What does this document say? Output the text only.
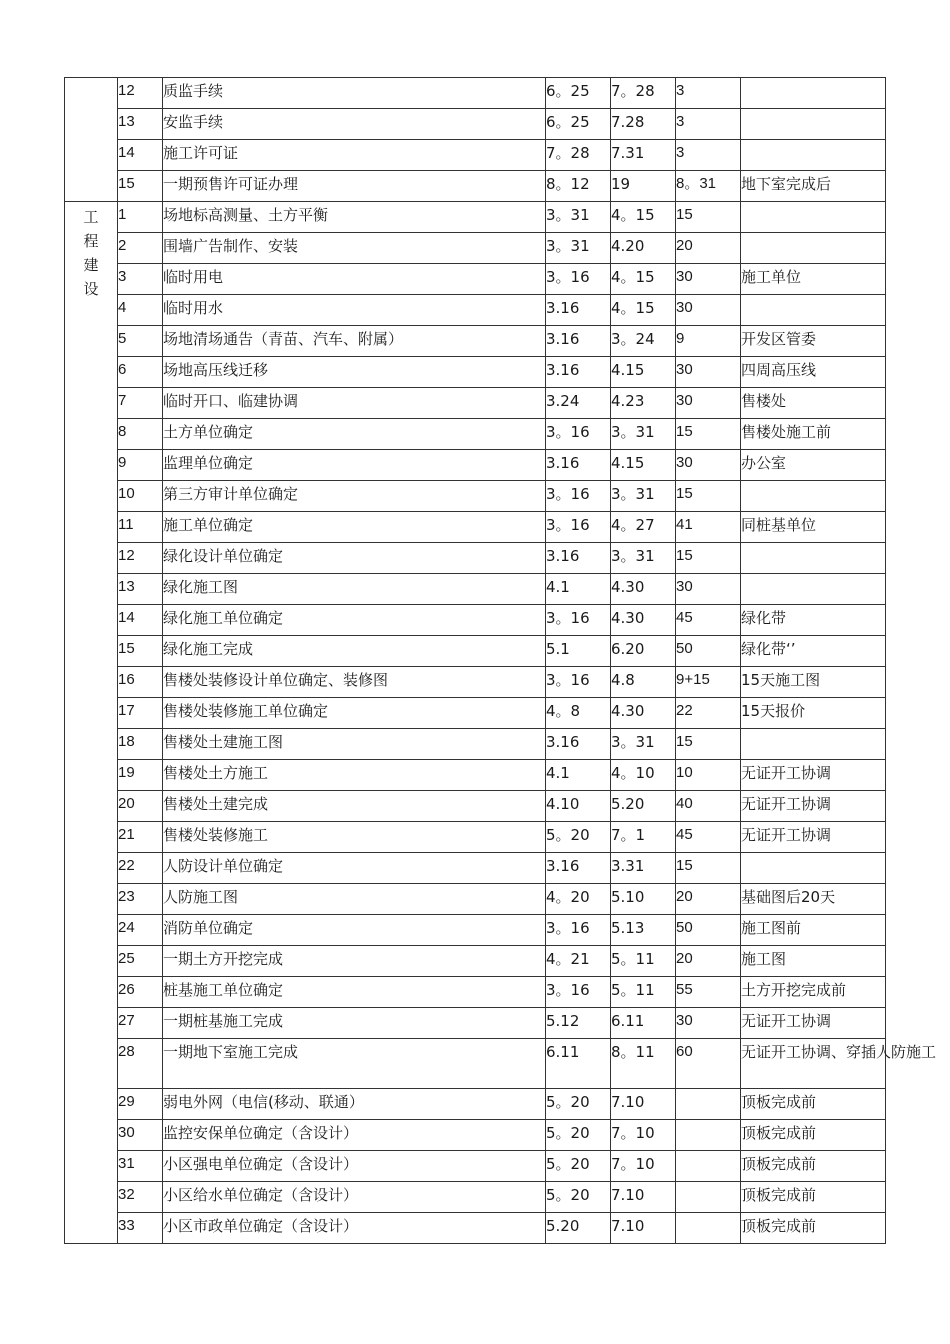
	12	质监手续	6。25	7。28	3	
	13	安监手续	6。25	7.28	3	
	14	施工许可证	7。28	7.31	3	
	15	一期预售许可证办理	8。12	19	8。31	地下室完成后

工程建设	1	场地标高测量、土方平衡	3。31	4。15	15	
	2	围墙广告制作、安装	3。31	4.20	20	
	3	临时用电	3。16	4。15	30	施工单位
	4	临时用水	3.16	4。15	30	
	5	场地清场通告（青苗、汽车、附属）	3.16	3。24	9	开发区管委
	6	场地高压线迁移	3.16	4.15	30	四周高压线
	7	临时开口、临建协调	3.24	4.23	30	售楼处
	8	土方单位确定	3。16	3。31	15	售楼处施工前
	9	监理单位确定	3.16	4.15	30	办公室
	10	第三方审计单位确定	3。16	3。31	15	
	11	施工单位确定	3。16	4。27	41	同桩基单位
	12	绿化设计单位确定	3.16	3。31	15	
	13	绿化施工图	4.1	4.30	30	
	14	绿化施工单位确定	3。16	4.30	45	绿化带
	15	绿化施工完成	5.1	6.20	50	绿化带‘’
	16	售楼处装修设计单位确定、装修图	3。16	4.8	9+15	15天施工图
	17	售楼处装修施工单位确定	4。8	4.30	22	15天报价
	18	售楼处土建施工图	3.16	3。31	15	
	19	售楼处土方施工	4.1	4。10	10	无证开工协调
	20	售楼处土建完成	4.10	5.20	40	无证开工协调
	21	售楼处装修施工	5。20	7。1	45	无证开工协调
	22	人防设计单位确定	3.16	3.31	15	
	23	人防施工图	4。20	5.10	20	基础图后20天
	24	消防单位确定	3。16	5.13	50	施工图前
	25	一期土方开挖完成	4。21	5。11	20	施工图
	26	桩基施工单位确定	3。16	5。11	55	土方开挖完成前
	27	一期桩基施工完成	5.12	6.11	30	无证开工协调
	28	一期地下室施工完成	6.11	8。11	60	无证开工协调、穿插人防施工
	29	弱电外网（电信(移动、联通）	5。20	7.10		顶板完成前
	30	监控安保单位确定（含设计）	5。20	7。10		顶板完成前
	31	小区强电单位确定（含设计）	5。20	7。10		顶板完成前
	32	小区给水单位确定（含设计）	5。20	7.10		顶板完成前
	33	小区市政单位确定（含设计）	5.20	7.10		顶板完成前
